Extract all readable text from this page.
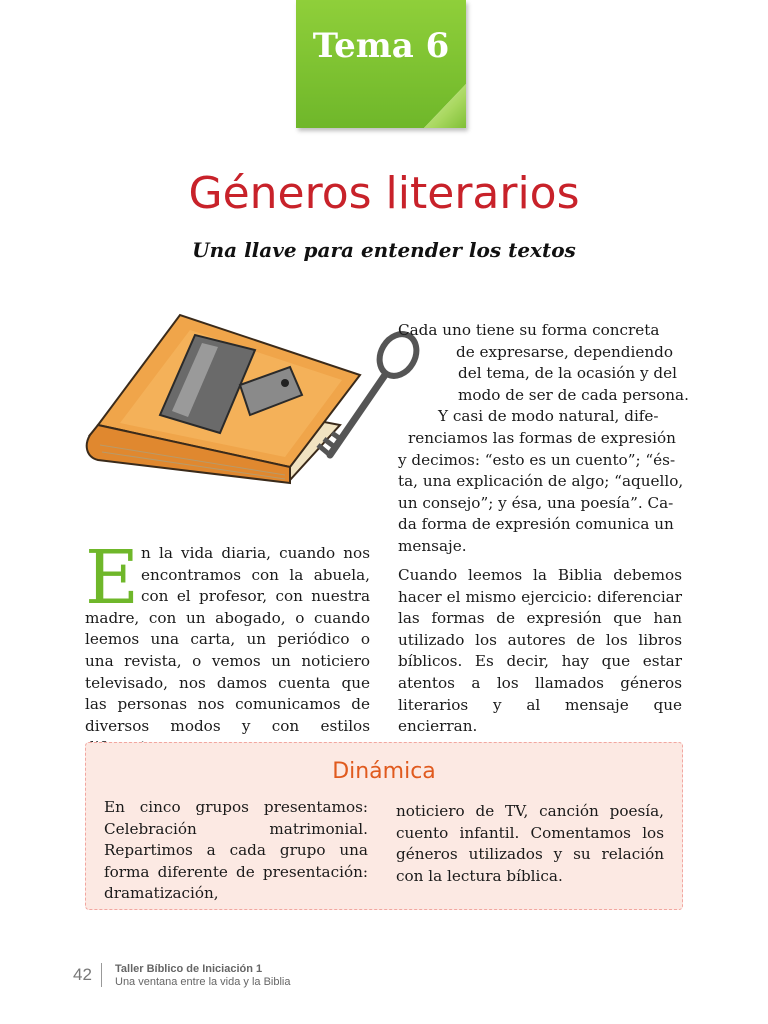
Tema 6
Géneros literarios
Una llave para entender los textos

Cada uno tiene su forma concreta
de expresarse, dependiendo
del tema, de la ocasión y del
modo de ser de cada persona.
Y casi de modo natural, dife-
renciamos las formas de expresión
y decimos: “esto es un cuento”; “és-
ta, una explicación de algo; “aquello,
un consejo”; y ésa, una poesía”. Ca-
da forma de expresión comunica un
mensaje.

En la vida diaria, cuando nos encontramos con la abuela, con el profesor, con nuestra madre, con un abogado, o cuando leemos una carta, un periódico o una revista, o vemos un noticiero televisado, nos damos cuenta que las personas nos comunicamos de diversos modos y con estilos

Cuando leemos la Biblia debemos hacer el mismo ejercicio: diferenciar las formas de expresión que han utilizado los autores de los libros bíblicos. Es decir, hay que estar atentos a los llamados géneros literarios y al mensaje que encierran.

Dinámica

En cinco grupos presentamos: Celebración matrimonial. Repartimos a cada grupo una forma diferente de presentación: dramatización,

noticiero de TV, canción poesía, cuento infantil. Comentamos los géneros utilizados y su relación con la lectura bíblica.

42 Taller Bíblico de Iniciación 1
Una ventana entre la vida y la Biblia
